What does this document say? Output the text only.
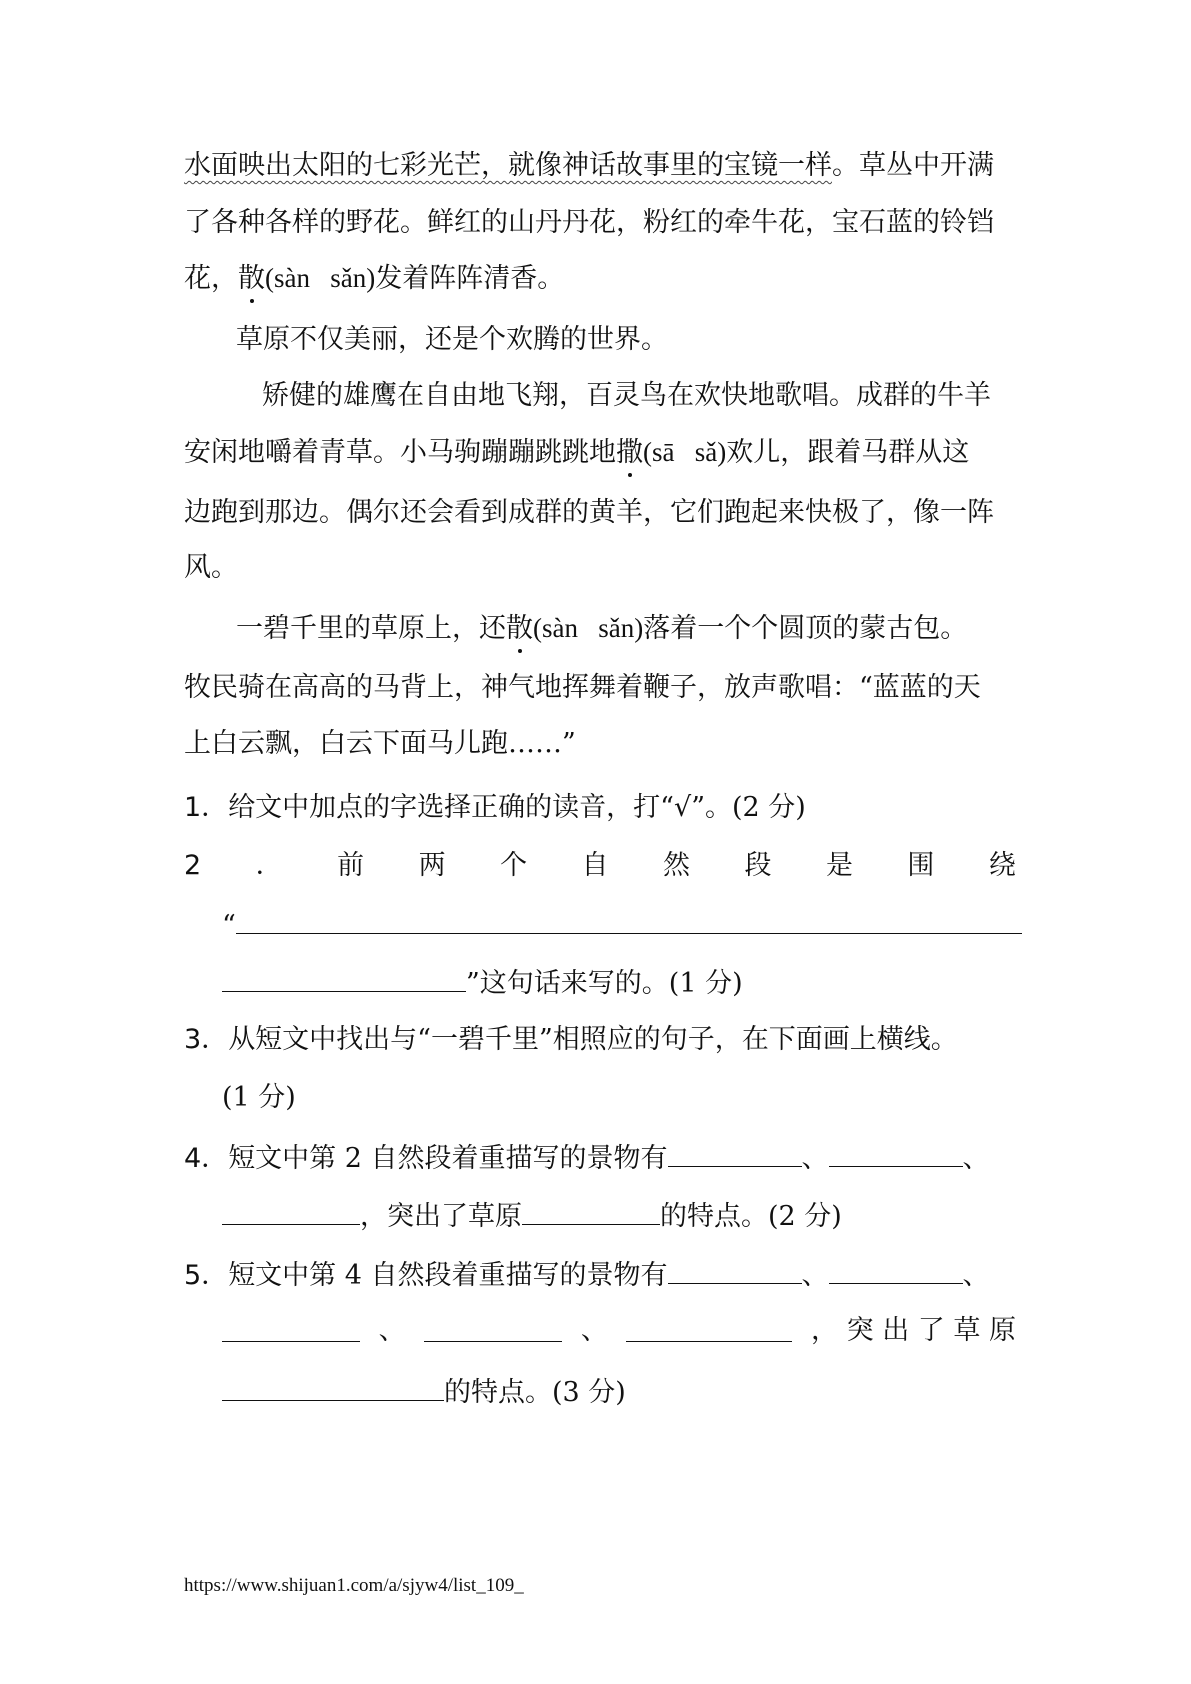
水面映出太阳的七彩光芒，就像神话故事里的宝镜一样。草丛中开满
了各种各样的野花。鲜红的山丹丹花，粉红的牵牛花，宝石蓝的铃铛
花，散(sàn   sǎn)发着阵阵清香。
草原不仅美丽，还是个欢腾的世界。
矫健的雄鹰在自由地飞翔，百灵鸟在欢快地歌唱。成群的牛羊
安闲地嚼着青草。小马驹蹦蹦跳跳地撒(sā   sǎ)欢儿，跟着马群从这
边跑到那边。偶尔还会看到成群的黄羊，它们跑起来快极了，像一阵
风。
一碧千里的草原上，还散(sàn   sǎn)落着一个个圆顶的蒙古包。
牧民骑在高高的马背上，神气地挥舞着鞭子，放声歌唱：“蓝蓝的天
上白云飘，白云下面马儿跑……”
1．给文中加点的字选择正确的读音，打“√”。(2 分)
2 ． 前 两 个 自 然 段 是 围 绕
“
”这句话来写的。(1 分)
3．从短文中找出与“一碧千里”相照应的句子，在下面画上横线。
(1 分)
4．短文中第 2 自然段着重描写的景物有	、	、
，突出了草原	的特点。(2 分)
5．短文中第 4 自然段着重描写的景物有	、	、
、	、	， 突 出 了 草 原
的特点。(3 分)
https://www.shijuan1.com/a/sjyw4/list_109_
